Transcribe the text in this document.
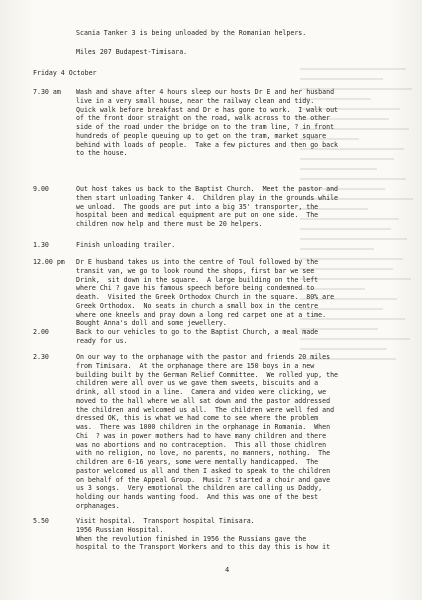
Scania Tanker 3 is being unloaded by the Romanian helpers.
Miles 207 Budapest-Timisara.
Friday 4 October
7.30 am	Wash and shave after 4 hours sleep our hosts Dr E and her husband
live in a very small house, near the railway clean and tidy.
Quick walk before breakfast and Dr e has gone to work.  I walk out
of the front door straight on the road, walk across to the other
side of the road under the bridge on to the tram line, ? in front
hundreds of people queuing up to get on the tram, market square
behind with loads of people.  Take a few pictures and then go back
to the house.
9.00	Out host takes us back to the Baptist Church.  Meet the pastor and
then start unloading Tanker 4.  Children play in the grounds while
we unload.  The goods are put into a big 35' transporter, the
hospital been and medical equipment are put on one side.  The
children now help and there must be 20 helpers.
1.30	Finish unloading trailer.
12.00 pm	Dr E husband takes us into the centre of Toul followed by the
transit van, we go to look round the shops, first bar we see
Drink,  sit down in the square.  A large building on the left
where Chi ? gave his famous speech before being condemned to
death.  Visited the Greek Orthodox Church in the square.  80% are
Greek Orthodox.  No seats in church a small box in the centre
where one kneels and pray down a long red carpet one at a time.
Bought Anna's doll and some jewellery.
2.00	Back to our vehicles to go to the Baptist Church, a meal made
ready for us.
2.30	On our way to the orphanage with the pastor and friends 20 miles
from Timisara.  At the orphanage there are 150 boys in a new
building built by the German Relief Committee.  We rolled yup, the
children were all over us we gave them sweets, biscuits and a
drink, all stood in a line.  Camera and video were clicking, we
moved to the hall where we all sat down and the pastor addressed
the children and welcomed us all.  The children were well fed and
dressed OK, this is what we had come to see where the problem
was.  There was 1000 children in the orphanage in Romania.  When
Chi  ? was in power mothers had to have many children and there
was no abortions and no contraception.  This all those chidlren
with no religion, no love, no parents, no manners, nothing.  The
children are 6-16 years, some were mentally handicapped.  The
pastor welcomed us all and then I asked to speak to the children
on behalf of the Appeal Group.  Music ? started a choir and gave
us 3 songs.  Very emotional the children are calling us Daddy,
holding our hands wanting food.  And this was one of the best
orphanages.
5.50	Visit hospital.  Transport hospital Timisara.
1956 Russian Hospital.
When the revolution finished in 1956 the Russians gave the
hospital to the Transport Workers and to this day this is how it
4
